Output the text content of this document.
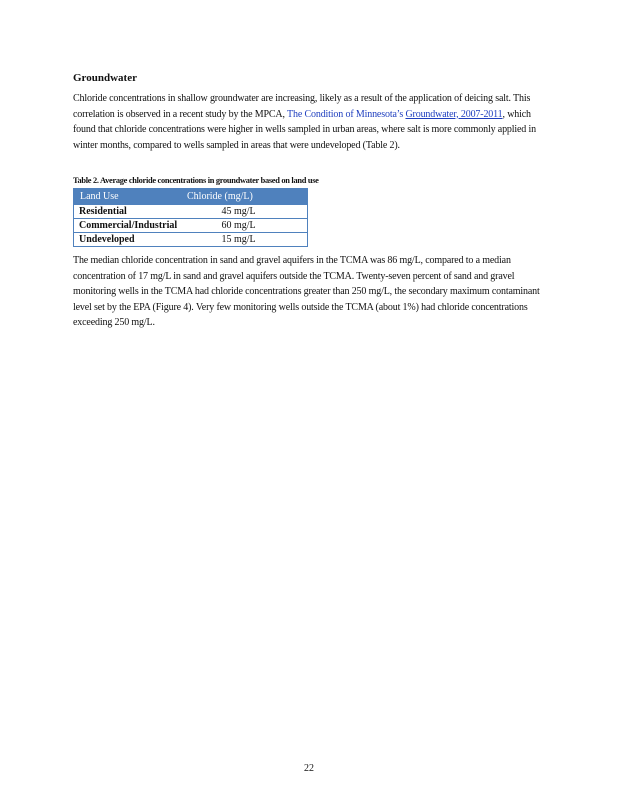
Groundwater

Chloride concentrations in shallow groundwater are increasing, likely as a result of the application of deicing salt. This correlation is observed in a recent study by the MPCA, The Condition of Minnesota’s Groundwater, 2007-2011, which found that chloride concentrations were higher in wells sampled in urban areas, where salt is more commonly applied in winter months, compared to wells sampled in areas that were undeveloped (Table 2).

Table 2. Average chloride concentrations in groundwater based on land use
Land Use	Chloride (mg/L)
Residential	45 mg/L
Commercial/Industrial	60 mg/L
Undeveloped	15 mg/L

The median chloride concentration in sand and gravel aquifers in the TCMA was 86 mg/L, compared to a median concentration of 17 mg/L in sand and gravel aquifers outside the TCMA. Twenty-seven percent of sand and gravel monitoring wells in the TCMA had chloride concentrations greater than 250 mg/L, the secondary maximum contaminant level set by the EPA (Figure 4). Very few monitoring wells outside the TCMA (about 1%) had chloride concentrations exceeding 250 mg/L.

22
